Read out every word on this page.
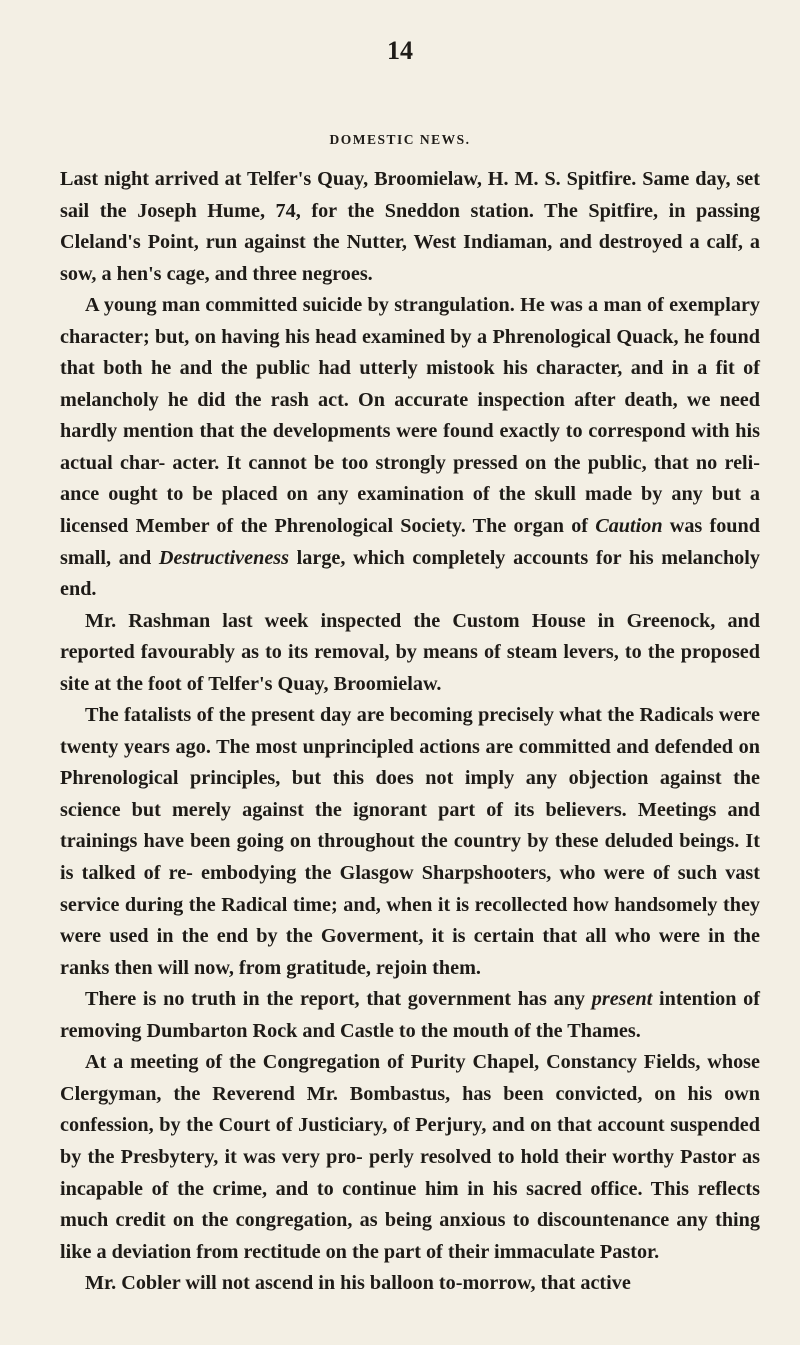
14
DOMESTIC NEWS.

Last night arrived at Telfer's Quay, Broomielaw, H. M. S. Spitfire. Same day, set sail the Joseph Hume, 74, for the Sneddon station. The Spitfire, in passing Cleland's Point, run against the Nutter, West Indiaman, and destroyed a calf, a sow, a hen's cage, and three negroes.

A young man committed suicide by strangulation. He was a man of exemplary character; but, on having his head examined by a Phrenological Quack, he found that both he and the public had utterly mistook his character, and in a fit of melancholy he did the rash act. On accurate inspection after death, we need hardly mention that the developments were found exactly to correspond with his actual char- acter. It cannot be too strongly pressed on the public, that no reli- ance ought to be placed on any examination of the skull made by any but a licensed Member of the Phrenological Society. The organ of Caution was found small, and Destructiveness large, which completely accounts for his melancholy end.

Mr. Rashman last week inspected the Custom House in Greenock, and reported favourably as to its removal, by means of steam levers, to the proposed site at the foot of Telfer's Quay, Broomielaw.

The fatalists of the present day are becoming precisely what the Radicals were twenty years ago. The most unprincipled actions are committed and defended on Phrenological principles, but this does not imply any objection against the science but merely against the ignorant part of its believers. Meetings and trainings have been going on throughout the country by these deluded beings. It is talked of re- embodying the Glasgow Sharpshooters, who were of such vast service during the Radical time; and, when it is recollected how handsomely they were used in the end by the Goverment, it is certain that all who were in the ranks then will now, from gratitude, rejoin them.

There is no truth in the report, that government has any present intention of removing Dumbarton Rock and Castle to the mouth of the Thames.

At a meeting of the Congregation of Purity Chapel, Constancy Fields, whose Clergyman, the Reverend Mr. Bombastus, has been convicted, on his own confession, by the Court of Justiciary, of Perjury, and on that account suspended by the Presbytery, it was very pro- perly resolved to hold their worthy Pastor as incapable of the crime, and to continue him in his sacred office. This reflects much credit on the congregation, as being anxious to discountenance any thing like a deviation from rectitude on the part of their immaculate Pastor.

Mr. Cobler will not ascend in his balloon to-morrow, that active
